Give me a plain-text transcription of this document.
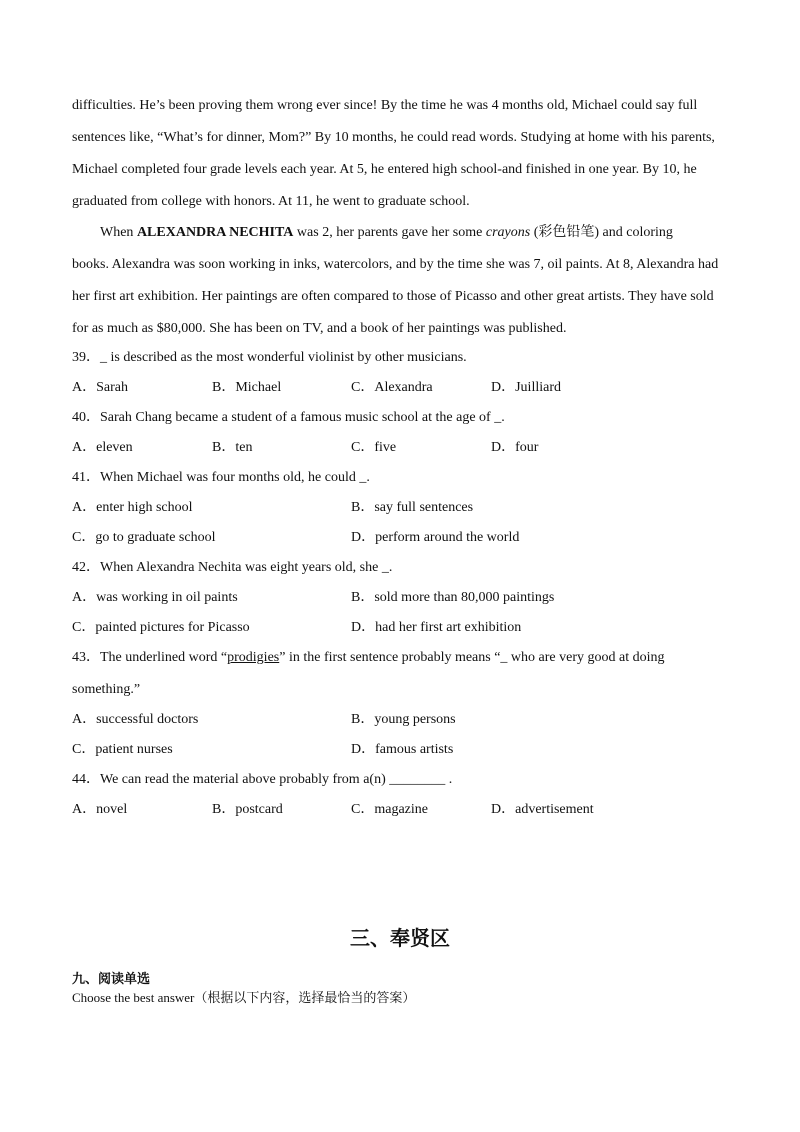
difficulties. He’s been proving them wrong ever since! By the time he was 4 months old, Michael could say full
sentences like, “What’s for dinner, Mom?” By 10 months, he could read words. Studying at home with his parents,
Michael completed four grade levels each year. At 5, he entered high school-and finished in one year. By 10, he
graduated from college with honors. At 11, he went to graduate school.
When ALEXANDRA NECHITA was 2, her parents gave her some crayons (彩色铅笔) and coloring
books. Alexandra was soon working in inks, watercolors, and by the time she was 7, oil paints. At 8, Alexandra had
her first art exhibition. Her paintings are often compared to those of Picasso and other great artists. They have sold
for as much as $80,000. She has been on TV, and a book of her paintings was published.
39．_ is described as the most wonderful violinist by other musicians.
A．Sarah	B．Michael	C．Alexandra	D．Juilliard
40．Sarah Chang became a student of a famous music school at the age of _.
A．eleven	B．ten	C．five	D．four
41．When Michael was four months old, he could _.
A．enter high school	B．say full sentences
C．go to graduate school	D．perform around the world
42．When Alexandra Nechita was eight years old, she _.
A．was working in oil paints	B．sold more than 80,000 paintings
C．painted pictures for Picasso	D．had her first art exhibition
43．The underlined word “prodigies” in the first sentence probably means “_ who are very good at doing
something.”
A．successful doctors	B．young persons
C．patient nurses	D．famous artists
44．We can read the material above probably from a(n) ________ .
A．novel	B．postcard	C．magazine	D．advertisement
三、奉贤区
九、阅读单选
Choose the best answer（根据以下内容，选择最恰当的答案）
